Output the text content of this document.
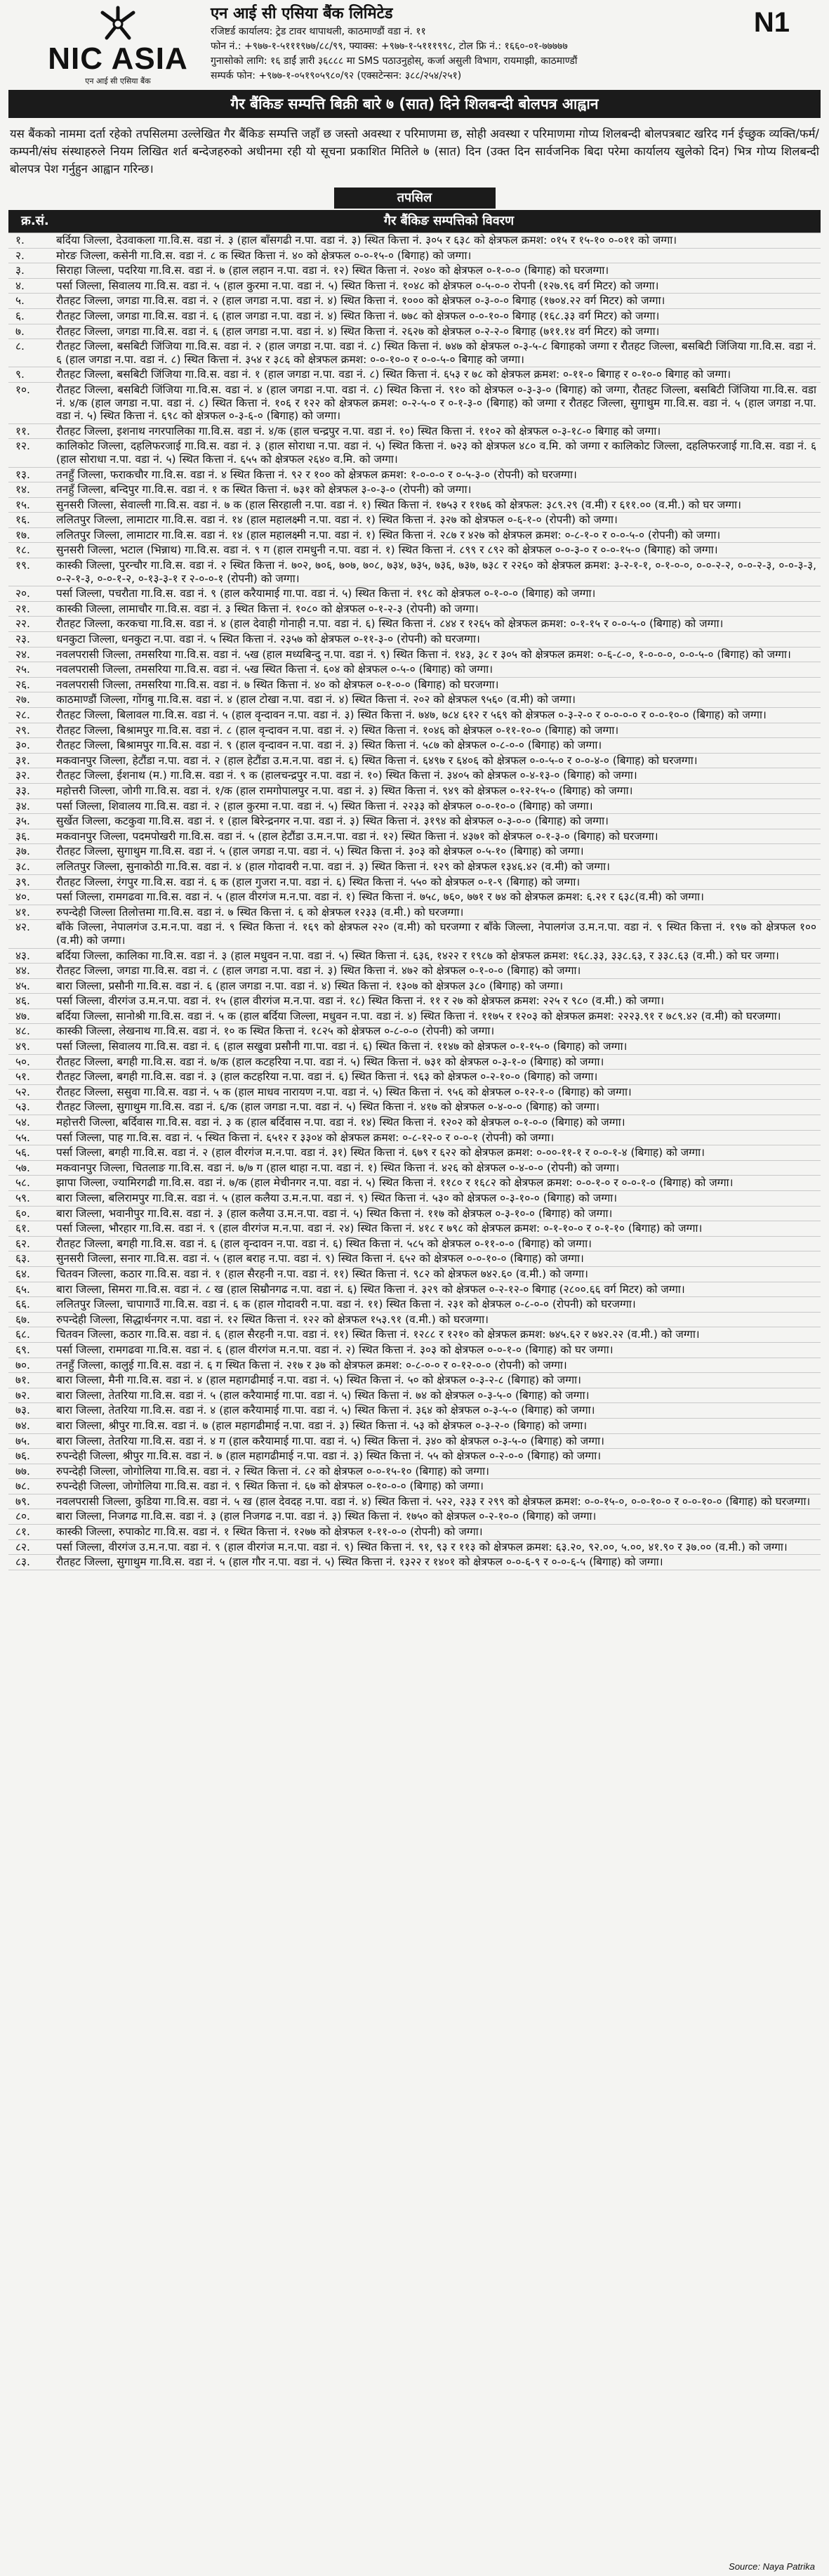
NIC ASIA
एन आई सी एसिया बैंक
एन आई सी एसिया बैंक लिमिटेड
रजिष्टर्ड कार्यालय: ट्रेड टावर थापाथली, काठमाण्डौं वडा नं. ११
फोन नं.: +९७७-१-५१११९७७/८८/९९, फ्याक्स: +९७७-१-५१११९९८, टोल फ्रि नं.: १६६०-०१-७७७७७
गुनासोको लागि: १६ डाईं ज्ञारी ३६८८८ मा SMS पठाउनुहोस्, कर्जा असुली विभाग, रायमाझी, काठमाण्डौं
सम्पर्क फोन: +९७७-१-०५१९०५९८०/९२ (एक्सटेन्सन: ३८८/२५४/२५१)
N1
गैर बैंकिङ सम्पत्ति बिक्री बारे ७ (सात) दिने शिलबन्दी बोलपत्र आह्वान
यस बैंकको नाममा दर्ता रहेको तपसिलमा उल्लेखित गैर बैंकिङ सम्पत्ति जहाँ छ जस्तो अवस्था र परिमाणमा छ, सोही अवस्था र परिमाणमा गोप्य शिलबन्दी बोलपत्रबाट खरिद गर्न ईच्छुक व्यक्ति/फर्म/कम्पनी/संघ संस्थाहरुले नियम लिखित शर्त बन्देजहरुको अधीनमा रही यो सूचना प्रकाशित मितिले ७ (सात) दिन (उक्त दिन सार्वजनिक बिदा परेमा कार्यालय खुलेको दिन) भित्र गोप्य शिलबन्दी बोलपत्र पेश गर्नुहुन आह्वान गरिन्छ।
तपसिल
क्र.सं.	गैर बैंकिङ सम्पत्तिको विवरण
१.	बर्दिया जिल्ला, देउवाकला गा.वि.स. वडा नं. ३ (हाल बाँसगढी न.पा. वडा नं. ३) स्थित कित्ता नं. ३०५ र ६३८ को क्षेत्रफल क्रमश: ०१५ र १५-१० ०-०११ को जग्गा।
२.	मोरङ जिल्ला, कसेनी गा.वि.स. वडा नं. ८ क स्थित कित्ता नं. ४० को क्षेत्रफल ०-०-१५-० (बिगाह) को जग्गा।
३.	सिराहा जिल्ला, पदरिया गा.वि.स. वडा नं. ७ (हाल लहान न.पा. वडा नं. १२) स्थित कित्ता नं. २०४० को क्षेत्रफल ०-१-०-० (बिगाह) को घरजग्गा।
४.	पर्सा जिल्ला, सिवालय गा.वि.स. वडा नं. ५ (हाल कुरमा न.पा. वडा नं. ५) स्थित कित्ता नं. १०४८ को क्षेत्रफल ०-५-०-० रोपनी (१२७.९६ वर्ग मिटर) को जग्गा।
५.	रौतहट जिल्ला, जगडा गा.वि.स. वडा नं. २ (हाल जगडा न.पा. वडा नं. ४) स्थित कित्ता नं. १००० को क्षेत्रफल ०-३-०-० बिगाह (१७०४.२२ वर्ग मिटर) को जग्गा।
६.	रौतहट जिल्ला, जगडा गा.वि.स. वडा नं. ६ (हाल जगडा न.पा. वडा नं. ४) स्थित कित्ता नं. ७७८ को क्षेत्रफल ०-०-१०-० बिगाह (१६८.३३ वर्ग मिटर) को जग्गा।
७.	रौतहट जिल्ला, जगडा गा.वि.स. वडा नं. ६ (हाल जगडा न.पा. वडा नं. ४) स्थित कित्ता नं. २६२७ को क्षेत्रफल ०-२-२-० बिगाह (७११.१४ वर्ग मिटर) को जग्गा।
८.	रौतहट जिल्ला, बसबिटी जिंजिया गा.वि.स. वडा नं. २ (हाल जगडा न.पा. वडा नं. ८) स्थित कित्ता नं. ७४७ को क्षेत्रफल ०-३-५-८ बिगाहको जग्गा र रौतहट जिल्ला, बसबिटी जिंजिया गा.वि.स. वडा नं. ६ (हाल जगडा न.पा. वडा नं. ८) स्थित कित्ता नं. ३५४ र ३८६ को क्षेत्रफल क्रमश: ०-०-१०-० र ०-०-५-० बिगाह को जग्गा।
९.	रौतहट जिल्ला, बसबिटी जिंजिया गा.वि.स. वडा नं. १ (हाल जगडा न.पा. वडा नं. ८) स्थित कित्ता नं. ६५३ र ७८ को क्षेत्रफल क्रमश: ०-११-० बिगाह र ०-१०-० बिगाह को जग्गा।
१०.	रौतहट जिल्ला, बसबिटी जिंजिया गा.वि.स. वडा नं. ४ (हाल जगडा न.पा. वडा नं. ८) स्थित कित्ता नं. ९१० को क्षेत्रफल ०-३-३-० (बिगाह) को जग्गा, रौतहट जिल्ला, बसबिटी जिंजिया गा.वि.स. वडा नं. ४/क (हाल जगडा न.पा. वडा नं. ८) स्थित कित्ता नं. १०६ र १२२ को क्षेत्रफल क्रमश: ०-२-५-० र ०-१-३-० (बिगाह) को जग्गा र रौतहट जिल्ला, सुगाथुम गा.वि.स. वडा नं. ५ (हाल जगडा न.पा. वडा नं. ५) स्थित कित्ता नं. ६९८ को क्षेत्रफल ०-३-६-० (बिगाह) को जग्गा।
११.	रौतहट जिल्ला, इशनाथ नगरपालिका गा.वि.स. वडा नं. ४/क (हाल चन्द्रपुर न.पा. वडा नं. १०) स्थित कित्ता नं. ११०२ को क्षेत्रफल ०-३-१८-० बिगाह को जग्गा।
१२.	कालिकोट जिल्ला, दहलिफरजाई गा.वि.स. वडा नं. ३ (हाल सोराधा न.पा. वडा नं. ५) स्थित कित्ता नं. ७२३ को क्षेत्रफल ४८० व.मि. को जग्गा र कालिकोट जिल्ला, दहलिफरजाई गा.वि.स. वडा नं. ६ (हाल सोराधा न.पा. वडा नं. ५) स्थित कित्ता नं. ६५५ को क्षेत्रफल २६४० व.मि. को जग्गा।
१३.	तनहुँ जिल्ला, फराकचौर गा.वि.स. वडा नं. ४ स्थित कित्ता नं. ९२ र १०० को क्षेत्रफल क्रमश: १-०-०-० र ०-५-३-० (रोपनी) को घरजग्गा।
१४.	तनहुँ जिल्ला, बन्दिपुर गा.वि.स. वडा नं. १ क स्थित कित्ता नं. ७३१ को क्षेत्रफल ३-०-३-० (रोपनी) को जग्गा।
१५.	सुनसरी जिल्ला, सेवाल्ली गा.वि.स. वडा नं. ७ क (हाल सिरहाली न.पा. वडा नं. १) स्थित कित्ता नं. १७५३ र ११७६ को क्षेत्रफल: ३८९.२९ (व.मी) र ६११.०० (व.मी.) को घर जग्गा।
१६.	ललितपुर जिल्ला, लामाटार गा.वि.स. वडा नं. १४ (हाल महालक्ष्मी न.पा. वडा नं. १) स्थित कित्ता नं. ३२७ को क्षेत्रफल ०-६-१-० (रोपनी) को जग्गा।
१७.	ललितपुर जिल्ला, लामाटार गा.वि.स. वडा नं. १४ (हाल महालक्ष्मी न.पा. वडा नं. १) स्थित कित्ता नं. २८७ र ४२७ को क्षेत्रफल क्रमश: ०-८-१-० र ०-०-५-० (रोपनी) को जग्गा।
१८.	सुनसरी जिल्ला, भटाल (भिन्नाथ) गा.वि.स. वडा नं. ९ ग (हाल रामधुनी न.पा. वडा नं. १) स्थित कित्ता नं. ८९९ र ८९२ को क्षेत्रफल ०-०-३-० र ०-०-१५-० (बिगाह) को जग्गा।
१९.	कास्की जिल्ला, पुरन्चौर गा.वि.स. वडा नं. २ स्थित कित्ता नं. ७०२, ७०६, ७०७, ७०८, ७३४, ७३५, ७३६, ७३७, ७३८ र २२६० को क्षेत्रफल क्रमश: ३-२-१-१, ०-१-०-०, ०-०-२-२, ०-०-२-३, ०-०-३-३, ०-२-१-३, ०-०-१-२, ०-१३-३-१ र २-०-०-१ (रोपनी) को जग्गा।
२०.	पर्सा जिल्ला, पचरौता गा.वि.स. वडा नं. ९ (हाल करैयामाई गा.पा. वडा नं. ५) स्थित कित्ता नं. १९८ को क्षेत्रफल ०-१-०-० (बिगाह) को जग्गा।
२१.	कास्की जिल्ला, लामाचौर गा.वि.स. वडा नं. ३ स्थित कित्ता नं. १०८० को क्षेत्रफल ०-१-२-३ (रोपनी) को जग्गा।
२२.	रौतहट जिल्ला, करकचा गा.वि.स. वडा नं. ४ (हाल देवाही गोनाही न.पा. वडा नं. ६) स्थित कित्ता नं. ८४४ र १२६५ को क्षेत्रफल क्रमश: ०-१-१५ र ०-०-५-० (बिगाह) को जग्गा।
२३.	धनकुटा जिल्ला, धनकुटा न.पा. वडा नं. ५ स्थित कित्ता नं. २३५७ को क्षेत्रफल ०-११-३-० (रोपनी) को घरजग्गा।
२४.	नवलपरासी जिल्ला, तमसरिया गा.वि.स. वडा नं. ५ख (हाल मध्यबिन्दु न.पा. वडा नं. ९) स्थित कित्ता नं. १४३, ३८ र ३०५ को क्षेत्रफल क्रमश: ०-६-८-०, १-०-०-०, ०-०-५-० (बिगाह) को जग्गा।
२५.	नवलपरासी जिल्ला, तमसरिया गा.वि.स. वडा नं. ५ख स्थित कित्ता नं. ६०४ को क्षेत्रफल ०-५-० (बिगाह) को जग्गा।
२६.	नवलपरासी जिल्ला, तमसरिया गा.वि.स. वडा नं. ७ स्थित कित्ता नं. ४० को क्षेत्रफल ०-१-०-० (बिगाह) को घरजग्गा।
२७.	काठमाण्डौं जिल्ला, गोंगबु गा.वि.स. वडा नं. ४ (हाल टोखा न.पा. वडा नं. ४) स्थित कित्ता नं. २०२ को क्षेत्रफल ९५६० (व.मी) को जग्गा।
२८.	रौतहट जिल्ला, बिलावल गा.वि.स. वडा नं. ५ (हाल वृन्दावन न.पा. वडा नं. ३) स्थित कित्ता नं. ७४७, ७८४ ६१२ र ५६९ को क्षेत्रफल ०-३-२-० र ०-०-०-० र ०-०-१०-० (बिगाह) को जग्गा।
२९.	रौतहट जिल्ला, बिश्रामपुर गा.वि.स. वडा नं. ८ (हाल वृन्दावन न.पा. वडा नं. २) स्थित कित्ता नं. १०४६ को क्षेत्रफल ०-११-१०-० (बिगाह) को जग्गा।
३०.	रौतहट जिल्ला, बिश्रामपुर गा.वि.स. वडा नं. ९ (हाल वृन्दावन न.पा. वडा नं. ३) स्थित कित्ता नं. ५८७ को क्षेत्रफल ०-८-०-० (बिगाह) को जग्गा।
३१.	मकवानपुर जिल्ला, हेटौंडा न.पा. वडा नं. २ (हाल हेटौंडा उ.म.न.पा. वडा नं. ६) स्थित कित्ता नं. ६४९७ र ६४०६ को क्षेत्रफल ०-०-५-० र ०-०-४-० (बिगाह) को घरजग्गा।
३२.	रौतहट जिल्ला, ईशनाथ (म.) गा.वि.स. वडा नं. ९ क (हालचन्द्रपुर न.पा. वडा नं. १०) स्थित कित्ता नं. ३४०५ को क्षेत्रफल ०-४-१३-० (बिगाह) को जग्गा।
३३.	महोत्तरी जिल्ला, जोगी गा.वि.स. वडा नं. १/क (हाल रामगोपालपुर न.पा. वडा नं. ३) स्थित कित्ता नं. ९४९ को क्षेत्रफल ०-१२-१५-० (बिगाह) को जग्गा।
३४.	पर्सा जिल्ला, शिवालय गा.वि.स. वडा नं. २ (हाल कुरमा न.पा. वडा नं. ५) स्थित कित्ता नं. २२३३ को क्षेत्रफल ०-०-१०-० (बिगाह) को जग्गा।
३५.	सुर्खेत जिल्ला, कटकुवा गा.वि.स. वडा नं. १ (हाल बिरेन्द्रनगर न.पा. वडा नं. ३) स्थित कित्ता नं. ३१९४ को क्षेत्रफल ०-३-०-० (बिगाह) को जग्गा।
३६.	मकवानपुर जिल्ला, पदमपोखरी गा.वि.स. वडा नं. ५ (हाल हेटौंडा उ.म.न.पा. वडा नं. १२) स्थित कित्ता नं. ४३७१ को क्षेत्रफल ०-१-३-० (बिगाह) को घरजग्गा।
३७.	रौतहट जिल्ला, सुगाथुम गा.वि.स. वडा नं. ५ (हाल जगडा न.पा. वडा नं. ५) स्थित कित्ता नं. ३०३ को क्षेत्रफल ०-५-१० (बिगाह) को जग्गा।
३८.	ललितपुर जिल्ला, सुनाकोठी गा.वि.स. वडा नं. ४ (हाल गोदावरी न.पा. वडा नं. ३) स्थित कित्ता नं. १२९ को क्षेत्रफल १३४६.४२ (व.मी) को जग्गा।
३९.	रौतहट जिल्ला, रंगपुर गा.वि.स. वडा नं. ६ क (हाल गुजरा न.पा. वडा नं. ६) स्थित कित्ता नं. ५५० को क्षेत्रफल ०-१-९ (बिगाह) को जग्गा।
४०.	पर्सा जिल्ला, रामगढवा गा.वि.स. वडा नं. ५ (हाल वीरगंज म.न.पा. वडा नं. १) स्थित कित्ता नं. ७५८, ७६०, ७७१ र ७४ को क्षेत्रफल क्रमश: ६.२१ र ६३८(व.मी) को जग्गा।
४१.	रुपन्देही जिल्ला तिलोत्तमा गा.वि.स. वडा नं. ७ स्थित कित्ता नं. ६ को क्षेत्रफल १२३३ (व.मी.) को घरजग्गा।
४२.	बाँके जिल्ला, नेपालगंज उ.म.न.पा. वडा नं. ९ स्थित कित्ता नं. १६९ को क्षेत्रफल २२० (व.मी) को घरजग्गा र बाँके जिल्ला, नेपालगंज उ.म.न.पा. वडा नं. ९ स्थित कित्ता नं. १९७ को क्षेत्रफल १०० (व.मी) को जग्गा।
४३.	बर्दिया जिल्ला, कालिका गा.वि.स. वडा नं. ३ (हाल मधुवन न.पा. वडा नं. ५) स्थित कित्ता नं. ६३६, १४२२ र १९८७ को क्षेत्रफल क्रमश: १६८.३३, ३३८.६३, र ३३८.६३ (व.मी.) को घर जग्गा।
४४.	रौतहट जिल्ला, जगडा गा.वि.स. वडा नं. ८ (हाल जगडा न.पा. वडा नं. ३) स्थित कित्ता नं. ४७२ को क्षेत्रफल ०-१-०-० (बिगाह) को जग्गा।
४५.	बारा जिल्ला, प्रसौनी गा.वि.स. वडा नं. ६ (हाल जगडा न.पा. वडा नं. ४) स्थित कित्ता नं. १३०७ को क्षेत्रफल ३८० (बिगाह) को जग्गा।
४६.	पर्सा जिल्ला, वीरगंज उ.म.न.पा. वडा नं. १५ (हाल वीरगंज म.न.पा. वडा नं. १८) स्थित कित्ता नं. ११ र २७ को क्षेत्रफल क्रमश: २२५ र ९८० (व.मी.) को जग्गा।
४७.	बर्दिया जिल्ला, सानोश्री गा.वि.स. वडा नं. ५ क (हाल बर्दिया जिल्ला, मधुवन न.पा. वडा नं. ४) स्थित कित्ता नं. ११७५ र १२०३ को क्षेत्रफल क्रमश: २२२३.९१ र ७८९.४२ (व.मी) को घरजग्गा।
४८.	कास्की जिल्ला, लेखनाथ गा.वि.स. वडा नं. १० क स्थित कित्ता नं. १८२५ को क्षेत्रफल ०-८-०-० (रोपनी) को जग्गा।
४९.	पर्सा जिल्ला, सिवालय गा.वि.स. वडा नं. ६ (हाल सखुवा प्रसौनी गा.पा. वडा नं. ६) स्थित कित्ता नं. ११४७ को क्षेत्रफल ०-१-१५-० (बिगाह) को जग्गा।
५०.	रौतहट जिल्ला, बगही गा.वि.स. वडा नं. ७/क (हाल कटहरिया न.पा. वडा नं. ५) स्थित कित्ता नं. ७३१ को क्षेत्रफल ०-३-१-० (बिगाह) को जग्गा।
५१.	रौतहट जिल्ला, बगही गा.वि.स. वडा नं. ३ (हाल कटहरिया न.पा. वडा नं. ६) स्थित कित्ता नं. ९६३ को क्षेत्रफल ०-२-१०-० (बिगाह) को जग्गा।
५२.	रौतहट जिल्ला, ससुवा गा.वि.स. वडा नं. ५ क (हाल माधव नारायण न.पा. वडा नं. ५) स्थित कित्ता नं. ९५६ को क्षेत्रफल ०-१२-१-० (बिगाह) को जग्गा।
५३.	रौतहट जिल्ला, सुगाथुम गा.वि.स. वडा नं. ६/क (हाल जगडा न.पा. वडा नं. ५) स्थित कित्ता नं. ४१७ को क्षेत्रफल ०-४-०-० (बिगाह) को जग्गा।
५४.	महोत्तरी जिल्ला, बर्दिवास गा.वि.स. वडा नं. ३ क (हाल बर्दिवास न.पा. वडा नं. १४) स्थित कित्ता नं. १२०२ को क्षेत्रफल ०-१-०-० (बिगाह) को जग्गा।
५५.	पर्सा जिल्ला, पाह गा.वि.स. वडा नं. ५ स्थित कित्ता नं. ६५१२ र ३३०४ को क्षेत्रफल क्रमश: ०-८-१२-० र ०-०-१ (रोपनी) को जग्गा।
५६.	पर्सा जिल्ला, बगही गा.वि.स. वडा नं. २ (हाल वीरगंज म.न.पा. वडा नं. ३१) स्थित कित्ता नं. ६७९ र ६२२ को क्षेत्रफल क्रमश: ०-००-११-१ र ०-०-१-४ (बिगाह) को जग्गा।
५७.	मकवानपुर जिल्ला, चितलाङ गा.वि.स. वडा नं. ७/७ ग (हाल थाहा न.पा. वडा नं. १) स्थित कित्ता नं. ४२६ को क्षेत्रफल ०-४-०-० (रोपनी) को जग्गा।
५८.	झापा जिल्ला, ज्यामिरगढी गा.वि.स. वडा नं. ७/क (हाल मेचीनगर न.पा. वडा नं. ५) स्थित कित्ता नं. ११८० र १६८२ को क्षेत्रफल क्रमश: ०-०-१-० र ०-०-१-० (बिगाह) को जग्गा।
५९.	बारा जिल्ला, बलिरामपुर गा.वि.स. वडा नं. ५ (हाल कलैया उ.म.न.पा. वडा नं. ९) स्थित कित्ता नं. ५३० को क्षेत्रफल ०-३-१०-० (बिगाह) को जग्गा।
६०.	बारा जिल्ला, भवानीपुर गा.वि.स. वडा नं. ३ (हाल कलैया उ.म.न.पा. वडा नं. ५) स्थित कित्ता नं. ११७ को क्षेत्रफल ०-३-१०-० (बिगाह) को जग्गा।
६१.	पर्सा जिल्ला, भौरहार गा.वि.स. वडा नं. ९ (हाल वीरगंज म.न.पा. वडा नं. २४) स्थित कित्ता नं. ४१८ र ७९८ को क्षेत्रफल क्रमश: ०-१-१०-० र ०-१-१० (बिगाह) को जग्गा।
६२.	रौतहट जिल्ला, बगही गा.वि.स. वडा नं. ६ (हाल वृन्दावन न.पा. वडा नं. ६) स्थित कित्ता नं. ५८५ को क्षेत्रफल ०-११-०-० (बिगाह) को जग्गा।
६३.	सुनसरी जिल्ला, सनार गा.वि.स. वडा नं. ५ (हाल बराह न.पा. वडा नं. ९) स्थित कित्ता नं. ६५२ को क्षेत्रफल ०-०-१०-० (बिगाह) को जग्गा।
६४.	चितवन जिल्ला, कठार गा.वि.स. वडा नं. १ (हाल सैरहनी न.पा. वडा नं. ११) स्थित कित्ता नं. ९८२ को क्षेत्रफल ७४२.६० (व.मी.) को जग्गा।
६५.	बारा जिल्ला, सिमरा गा.वि.स. वडा नं. ८ ख (हाल सिम्रौनगढ न.पा. वडा नं. ६) स्थित कित्ता नं. ३२९ को क्षेत्रफल ०-२-१२-० बिगाह (२८००.६६ वर्ग मिटर) को जग्गा।
६६.	ललितपुर जिल्ला, चापागाउँ गा.वि.स. वडा नं. ६ क (हाल गोदावरी न.पा. वडा नं. ११) स्थित कित्ता नं. २३१ को क्षेत्रफल ०-८-०-० (रोपनी) को घरजग्गा।
६७.	रुपन्देही जिल्ला, सिद्धार्थनगर न.पा. वडा नं. १२ स्थित कित्ता नं. १२२ को क्षेत्रफल १५३.९१ (व.मी.) को घरजग्गा।
६८.	चितवन जिल्ला, कठार गा.वि.स. वडा नं. ६ (हाल सैरहनी न.पा. वडा नं. ११) स्थित कित्ता नं. १२८८ र १२१० को क्षेत्रफल क्रमश: ७४५.६२ र ७४२.२२ (व.मी.) को जग्गा।
६९.	पर्सा जिल्ला, रामगढवा गा.वि.स. वडा नं. ६ (हाल वीरगंज म.न.पा. वडा नं. २) स्थित कित्ता नं. ३०३ को क्षेत्रफल ०-०-१-० (बिगाह) को घर जग्गा।
७०.	तनहुँ जिल्ला, कालुई गा.वि.स. वडा नं. ६ ग स्थित कित्ता नं. २१७ र ३७ को क्षेत्रफल क्रमश: ०-८-०-० र ०-१२-०-० (रोपनी) को जग्गा।
७१.	बारा जिल्ला, मैनी गा.वि.स. वडा नं. ४ (हाल महागढीमाई न.पा. वडा नं. ५) स्थित कित्ता नं. ५० को क्षेत्रफल ०-३-२-८ (बिगाह) को जग्गा।
७२.	बारा जिल्ला, तेतरिया गा.वि.स. वडा नं. ५ (हाल करैयामाई गा.पा. वडा नं. ५) स्थित कित्ता नं. ७४ को क्षेत्रफल ०-३-५-० (बिगाह) को जग्गा।
७३.	बारा जिल्ला, तेतरिया गा.वि.स. वडा नं. ४ (हाल करैयामाई गा.पा. वडा नं. ५) स्थित कित्ता नं. ३६४ को क्षेत्रफल ०-३-५-० (बिगाह) को जग्गा।
७४.	बारा जिल्ला, श्रीपुर गा.वि.स. वडा नं. ७ (हाल महागढीमाई न.पा. वडा नं. ३) स्थित कित्ता नं. ५३ को क्षेत्रफल ०-३-२-० (बिगाह) को जग्गा।
७५.	बारा जिल्ला, तेतरिया गा.वि.स. वडा नं. ४ ग (हाल करैयामाई गा.पा. वडा नं. ५) स्थित कित्ता नं. ३४० को क्षेत्रफल ०-३-५-० (बिगाह) को जग्गा।
७६.	रुपन्देही जिल्ला, श्रीपुर गा.वि.स. वडा नं. ७ (हाल महागढीमाई न.पा. वडा नं. ३) स्थित कित्ता नं. ५५ को क्षेत्रफल ०-२-०-० (बिगाह) को जग्गा।
७७.	रुपन्देही जिल्ला, जोगोलिया गा.वि.स. वडा नं. २ स्थित कित्ता नं. ८२ को क्षेत्रफल ०-०-१५-१० (बिगाह) को जग्गा।
७८.	रुपन्देही जिल्ला, जोगोलिया गा.वि.स. वडा नं. ९ स्थित कित्ता नं. ६७ को क्षेत्रफल ०-१०-०-० (बिगाह) को जग्गा।
७९.	नवलपरासी जिल्ला, कुडिया गा.वि.स. वडा नं. ५ ख (हाल देवदह न.पा. वडा नं. ४) स्थित कित्ता नं. ५२२, २३३ र २९९ को क्षेत्रफल क्रमश: ०-०-१५-०, ०-०-१०-० र ०-०-१०-० (बिगाह) को घरजग्गा।
८०.	बारा जिल्ला, निजगढ गा.वि.स. वडा नं. ३ (हाल निजगढ न.पा. वडा नं. ३) स्थित कित्ता नं. १७५० को क्षेत्रफल ०-२-१०-० (बिगाह) को जग्गा।
८१.	कास्की जिल्ला, रुपाकोट गा.वि.स. वडा नं. १ स्थित कित्ता नं. १२७७ को क्षेत्रफल १-११-०-० (रोपनी) को जग्गा।
८२.	पर्सा जिल्ला, वीरगंज उ.म.न.पा. वडा नं. ९ (हाल वीरगंज म.न.पा. वडा नं. ९) स्थित कित्ता नं. ९१, ९३ र ११३ को क्षेत्रफल क्रमश: ६३.२०, ९२.००, ५.००, ४१.९० र ३७.०० (व.मी.) को जग्गा।
८३.	रौतहट जिल्ला, सुगाथुम गा.वि.स. वडा नं. ५ (हाल गौर न.पा. वडा नं. ५) स्थित कित्ता नं. १३२२ र १४०१ को क्षेत्रफल ०-०-६-९ र ०-०-६-५ (बिगाह) को जग्गा।
Source: Naya Patrika
